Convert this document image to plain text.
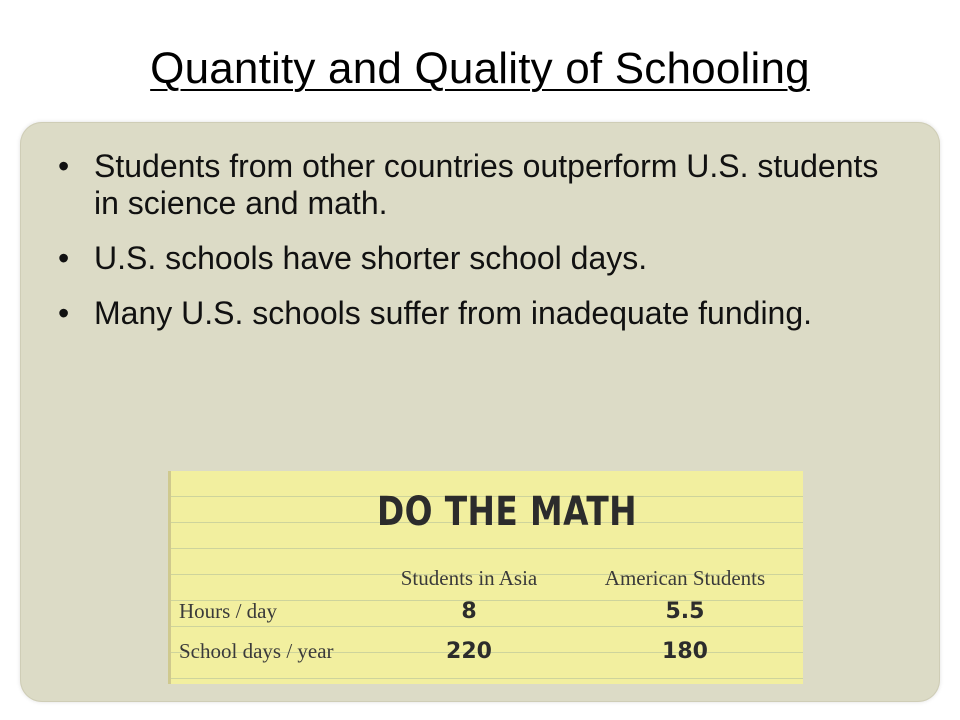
Quantity and Quality of Schooling
• Students from other countries outperform U.S. students in science and math.
• U.S. schools have shorter school days.
• Many U.S. schools suffer from inadequate funding.
DO THE MATH
	Students in Asia	American Students
Hours / day	8	5.5
School days / year	220	180
